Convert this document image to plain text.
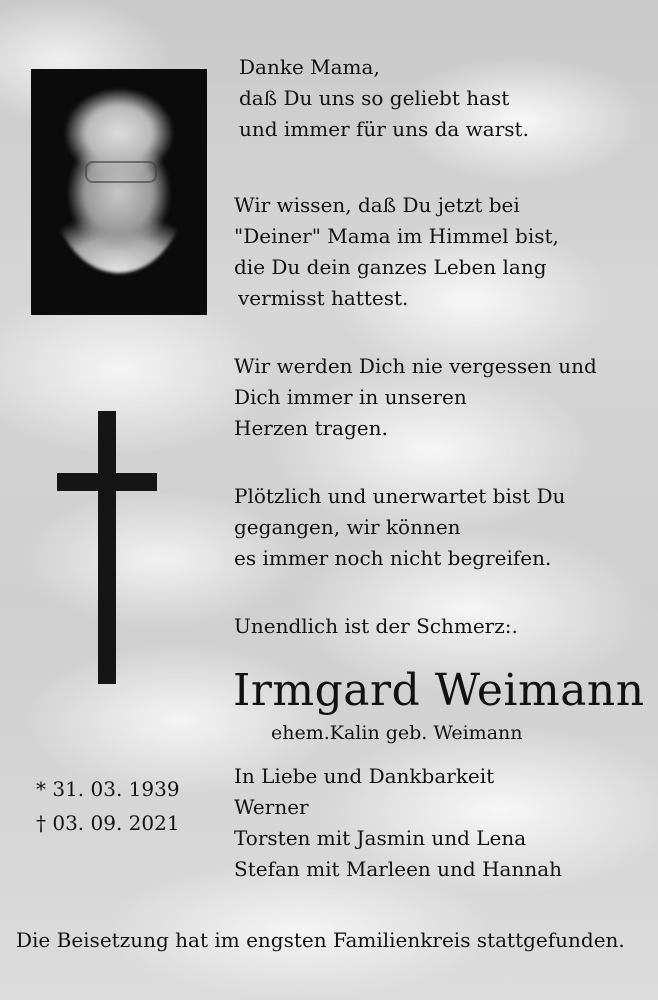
Danke Mama,
daß Du uns so geliebt hast
und immer für uns da warst.
Wir wissen, daß Du jetzt bei
"Deiner" Mama im Himmel bist,
die Du dein ganzes Leben lang
vermisst hattest.
Wir werden Dich nie vergessen und
Dich immer in unseren
Herzen tragen.
Plötzlich und unerwartet bist Du
gegangen, wir können
es immer noch nicht begreifen.
Unendlich ist der Schmerz:.
Irmgard Weimann
ehem.Kalin geb. Weimann
* 31. 03. 1939
† 03. 09. 2021
In Liebe und Dankbarkeit
Werner
Torsten mit Jasmin und Lena
Stefan mit Marleen und Hannah
Die Beisetzung hat im engsten Familienkreis stattgefunden.
